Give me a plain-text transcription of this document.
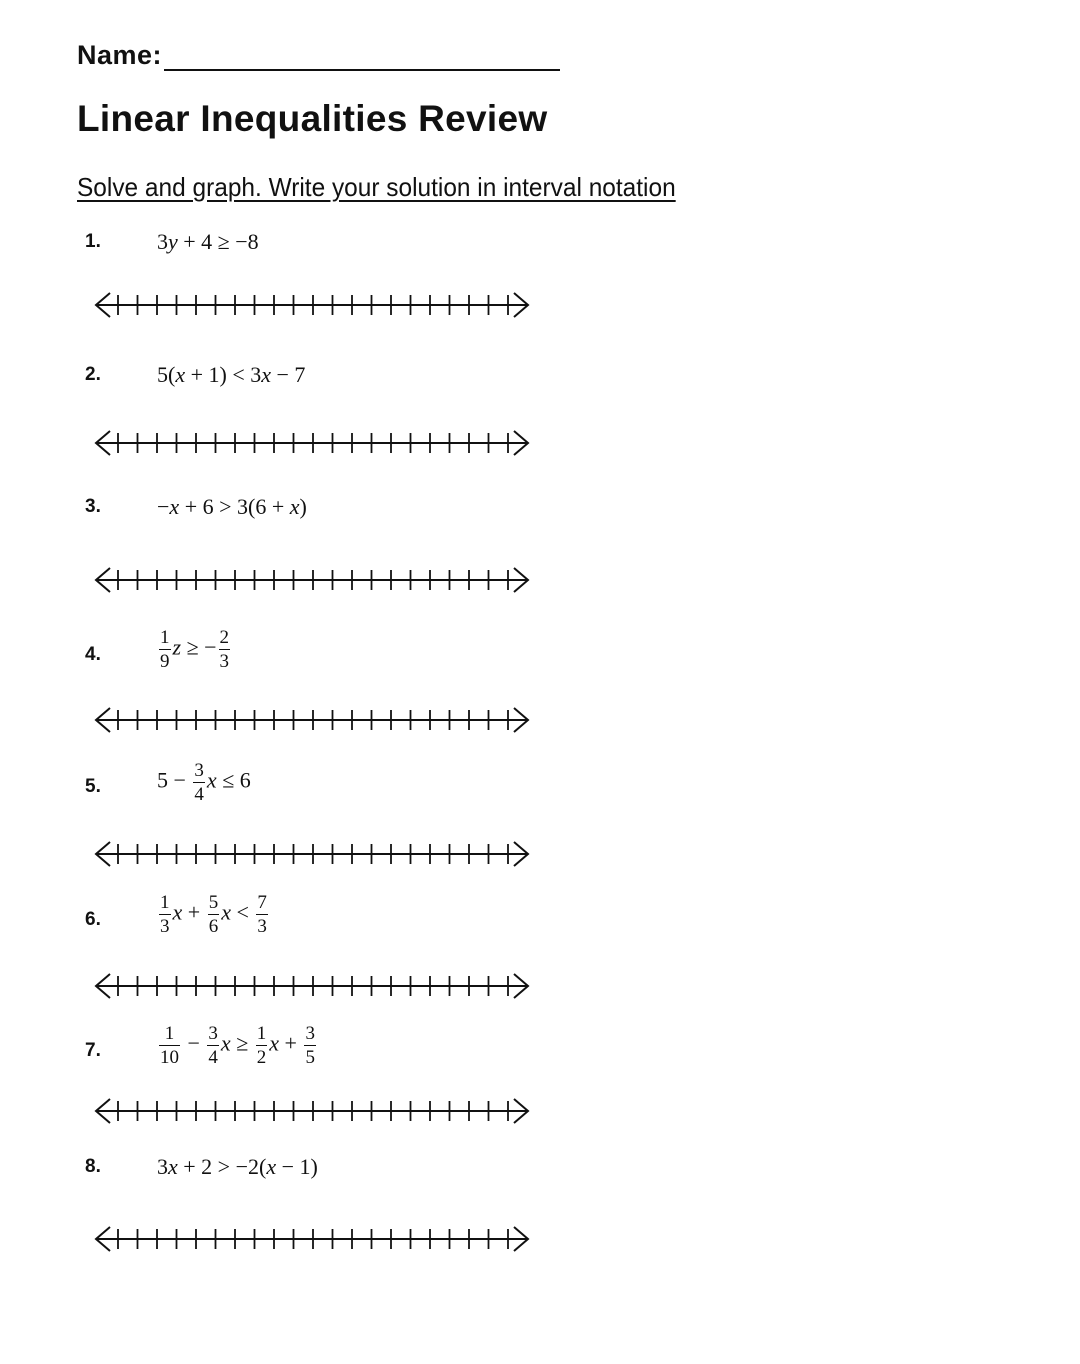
Name:
Linear Inequalities Review
Solve and graph. Write your solution in interval notation
1.	3y + 4 ≥ −8
2.	5(x + 1) < 3x − 7
3.	−x + 6 > 3(6 + x)
4.	$\frac{1}{9}$ z ≥ − $\frac{2}{3}$
5.	$5 - \frac{3}{4}$ x ≤ 6
6.	$\frac{1}{3}$ $x + \frac{5}{6}$ $x < \frac{7}{3}$
7.	$\frac{1}{10} - \frac{3}{4}$ $x \ge \frac{1}{2}$ $x + \frac{3}{5}$
8.	3x + 2 > −2(x − 1)
